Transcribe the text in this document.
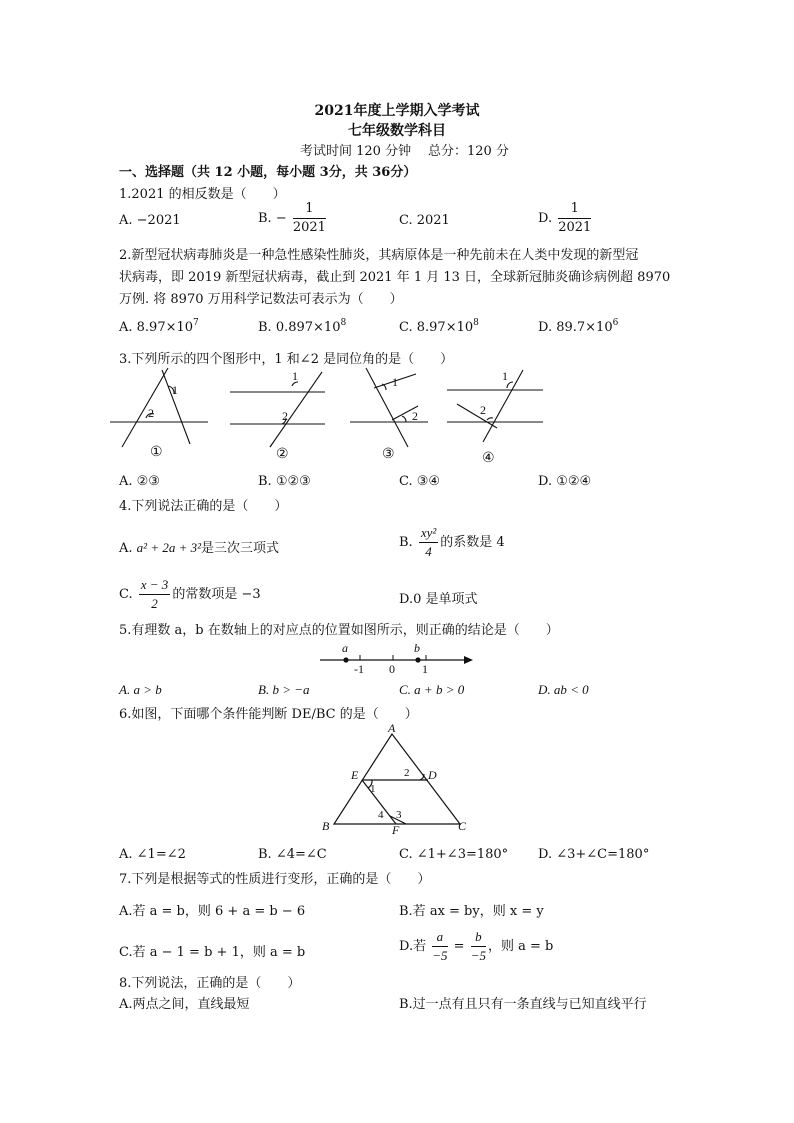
2021年度上学期入学考试
七年级数学科目
考试时间 120 分钟 总分：120 分
一、选择题（共 12 小题，每小题 3分，共 36分）
1.2021 的相反数是（　　）
A. −2021	B. − $\frac{1}{2021}$	C. 2021	D. $\frac{1}{2021}$
2.新型冠状病毒肺炎是一种急性感染性肺炎，其病原体是一种先前未在人类中发现的新型冠
状病毒，即 2019 新型冠状病毒，截止到 2021 年 1 月 13 日，全球新冠肺炎确诊病例超 8970
万例. 将 8970 万用科学记数法可表示为（　　）
A. $8.97\times 10^7$	B. $0.897\times 10^8$	C. $8.97\times 10^8$	D. $89.7\times 10^6$
3.下列所示的四个图形中，1 和∠2 是同位角的是（　　）
1
2
1
2
1
2
1
2
①	②	③	④
A. ②③	B. ①②③	C. ③④	D. ①②④
4.下列说法正确的是（　　）
A. a² + 2a + 3²是三次三项式	B. $\frac{\text{xy²}}{4}$ 的系数是 4
C. $\frac{x - 3}{2}$ 的常数项是 −3	D.0 是单项式
5.有理数 a，b 在数轴上的对应点的位置如图所示，则正确的结论是（　　）
a	b
-1 0 1
A. a > b	B. b > −a	C. a + b > 0	D. ab < 0
6.如图，下面哪个条件能判断 DE/BC 的是（　　）
A
B	C
D
E
F
1
2
3
4
A. ∠1=∠2	B. ∠4=∠C	C. ∠1+∠3=180° D. ∠3+∠C=180°
7.下列是根据等式的性质进行变形，正确的是（　　）
A.若 a = b，则 6 + a = b − 6	B.若 ax = by，则 x = y
C.若 a − 1 = b + 1，则 a = b	D.若 $\frac{a}{-5} = \frac{b}{-5}$ ，则 a = b
8.下列说法，正确的是（　　）
A.两点之间，直线最短	B.过一点有且只有一条直线与已知直线平行
